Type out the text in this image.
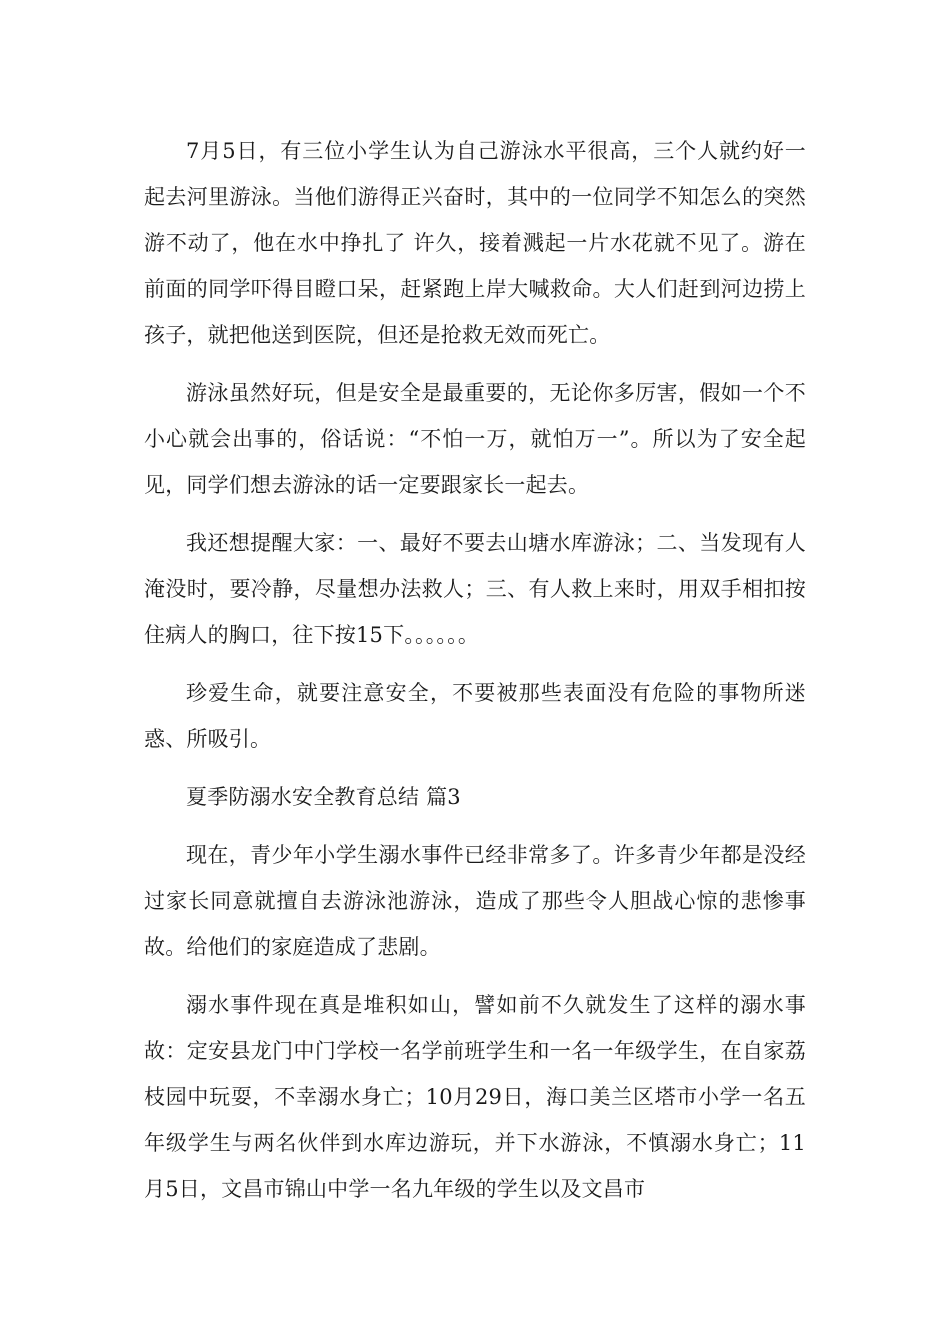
7月5日，有三位小学生认为自己游泳水平很高，三个人就约好一起去河里游泳。当他们游得正兴奋时，其中的一位同学不知怎么的突然游不动了，他在水中挣扎了 许久，接着溅起一片水花就不见了。游在前面的同学吓得目瞪口呆，赶紧跑上岸大喊救命。大人们赶到河边捞上孩子，就把他送到医院，但还是抢救无效而死亡。

游泳虽然好玩，但是安全是最重要的，无论你多厉害，假如一个不小心就会出事的，俗话说：“不怕一万，就怕万一”。所以为了安全起见，同学们想去游泳的话一定要跟家长一起去。

我还想提醒大家：一、最好不要去山塘水库游泳；二、当发现有人淹没时，要冷静，尽量想办法救人；三、有人救上来时，用双手相扣按住病人的胸口，往下按15下。。。。。。

珍爱生命，就要注意安全，不要被那些表面没有危险的事物所迷惑、所吸引。

夏季防溺水安全教育总结 篇3

现在，青少年小学生溺水事件已经非常多了。许多青少年都是没经过家长同意就擅自去游泳池游泳，造成了那些令人胆战心惊的悲惨事故。给他们的家庭造成了悲剧。

溺水事件现在真是堆积如山，譬如前不久就发生了这样的溺水事故：定安县龙门中门学校一名学前班学生和一名一年级学生，在自家荔枝园中玩耍，不幸溺水身亡；10月29日，海口美兰区塔市小学一名五年级学生与两名伙伴到水库边游玩，并下水游泳，不慎溺水身亡；11月5日，文昌市锦山中学一名九年级的学生以及文昌市
